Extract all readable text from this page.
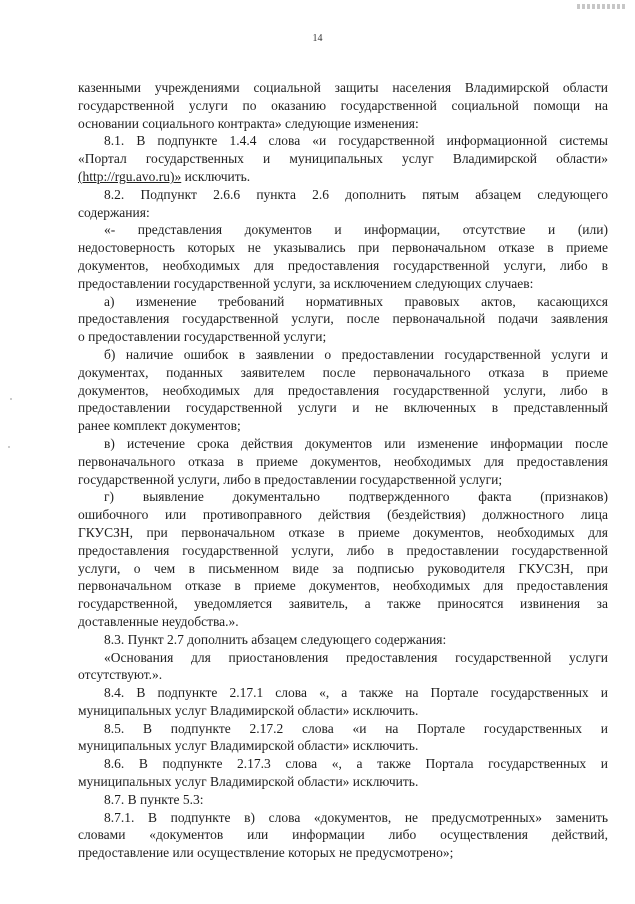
14

казенными учреждениями социальной защиты населения Владимирской области
государственной услуги по оказанию государственной социальной помощи на
основании социального контракта» следующие изменения:

8.1. В подпункте 1.4.4 слова «и государственной информационной системы
«Портал государственных и муниципальных услуг Владимирской области»
(http://rgu.avo.ru)» исключить.

8.2. Подпункт 2.6.6 пункта 2.6 дополнить пятым абзацем следующего
содержания:

«- представления документов и информации, отсутствие и (или)
недостоверность которых не указывались при первоначальном отказе в приеме
документов, необходимых для предоставления государственной услуги, либо в
предоставлении государственной услуги, за исключением следующих случаев:

а) изменение требований нормативных правовых актов, касающихся
предоставления государственной услуги, после первоначальной подачи заявления
о предоставлении государственной услуги;

б) наличие ошибок в заявлении о предоставлении государственной услуги и
документах, поданных заявителем после первоначального отказа в приеме
документов, необходимых для предоставления государственной услуги, либо в
предоставлении государственной услуги и не включенных в представленный
ранее комплект документов;

в) истечение срока действия документов или изменение информации после
первоначального отказа в приеме документов, необходимых для предоставления
государственной услуги, либо в предоставлении государственной услуги;

г) выявление документально подтвержденного факта (признаков)
ошибочного или противоправного действия (бездействия) должностного лица
ГКУСЗН, при первоначальном отказе в приеме документов, необходимых для
предоставления государственной услуги, либо в предоставлении государственной
услуги, о чем в письменном виде за подписью руководителя ГКУСЗН, при
первоначальном отказе в приеме документов, необходимых для предоставления
государственной, уведомляется заявитель, а также приносятся извинения за
доставленные неудобства.».

8.3. Пункт 2.7 дополнить абзацем следующего содержания:

«Основания для приостановления предоставления государственной услуги
отсутствуют.».

8.4. В подпункте 2.17.1 слова «, а также на Портале государственных и
муниципальных услуг Владимирской области» исключить.

8.5. В подпункте 2.17.2 слова «и на Портале государственных и
муниципальных услуг Владимирской области» исключить.

8.6. В подпункте 2.17.3 слова «, а также Портала государственных и
муниципальных услуг Владимирской области» исключить.

8.7. В пункте 5.3:

8.7.1. В подпункте в) слова «документов, не предусмотренных» заменить
словами «документов или информации либо осуществления действий,
предоставление или осуществление которых не предусмотрено»;
